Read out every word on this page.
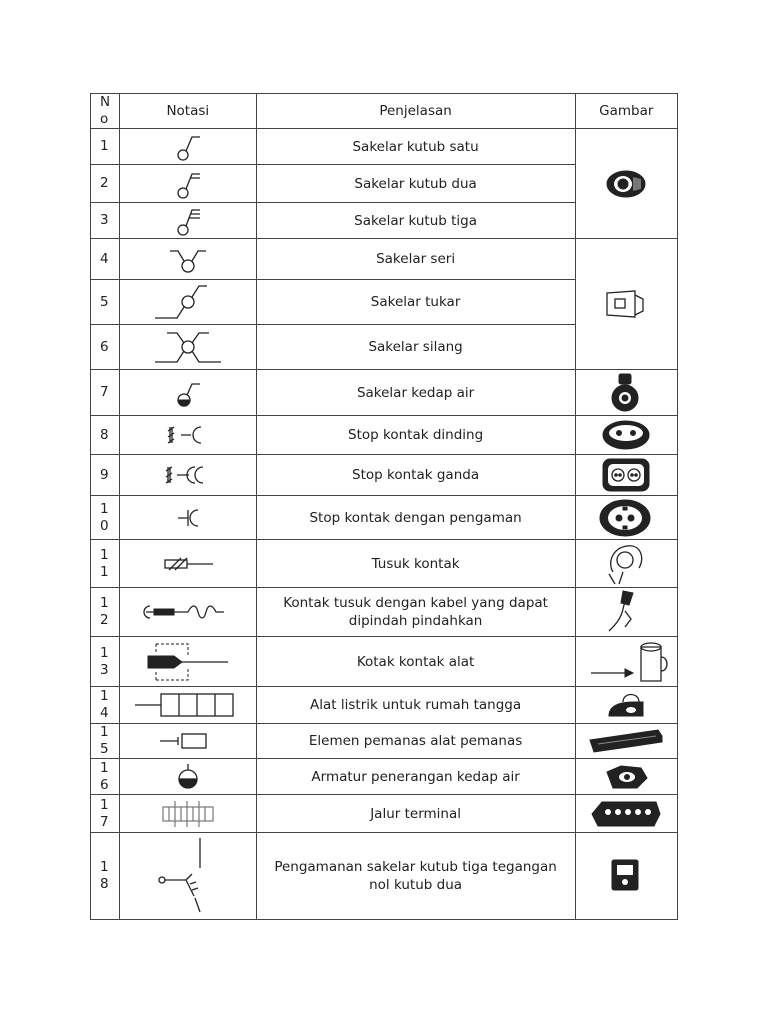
No	Notasi	Penjelasan	Gambar
1		Sakelar kutub satu	

2		Sakelar kutub dua	
3		Sakelar kutub tiga	
4		Sakelar seri	

5		Sakelar tukar	
6		Sakelar silang	
7		Sakelar kedap air	

8		Stop kontak dinding	

9		Stop kontak ganda	

10		Stop kontak dengan pengaman	

11		Tusuk kontak	

12		Kontak tusuk dengan kabel yang dapat dipindah pindahkan	

13		Kotak kontak alat	

14		Alat listrik untuk rumah tangga	

15		Elemen pemanas alat pemanas	

16		Armatur penerangan kedap air	

17		Jalur terminal	

18		Pengamanan sakelar kutub tiga tegangan nol kutub dua	
